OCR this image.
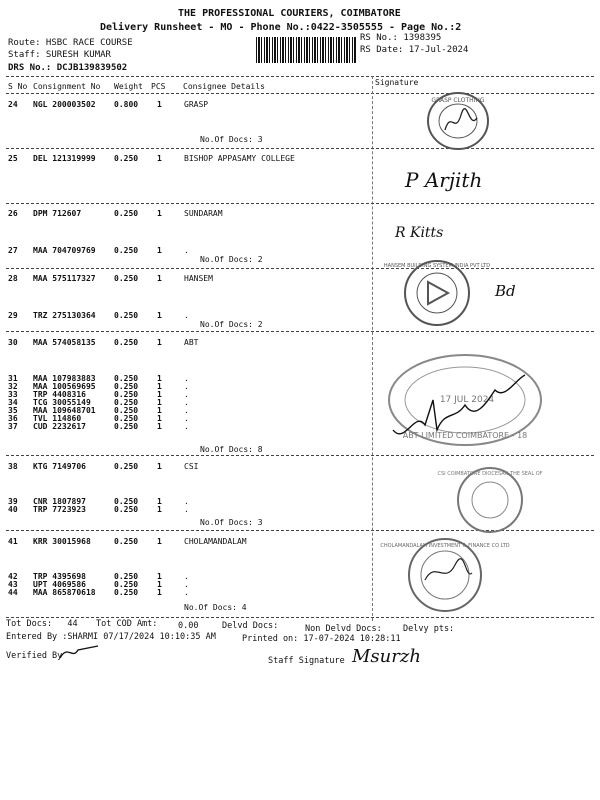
THE PROFESSIONAL COURIERS, COIMBATORE
Delivery Runsheet - MO - Phone No.:0422-3505555 - Page No.:2
Route: HSBC RACE COURSE
Staff: SURESH KUMAR
DRS No.: DCJB139839502
RS No.: 1398395
RS Date: 17-Jul-2024
S No Consignment No Weight PCS Consignee Details	Signature
24 NGL 200003502 0.800 1	GRASP
25 DEL 121319999 0.250 1	BISHOP APPASAMY COLLEGE
26 DPM 712607	0.250 1	SUNDARAM
27 MAA 704709769 0.250 1	.
28 MAA 575117327 0.250 1	HANSEM
29 TRZ 275130364 0.250 1	.
30 MAA 574058135 0.250 1	ABT
31 MAA 107983883 0.250 1	.
32 MAA 100569695 0.250 1	.
33 TRP 4408316	0.250 1	.
34 TCG 30055149	0.250 1	.
35 MAA 109648701 0.250 1	.
36 TVL 114860	0.250 1	.
37 CUD 2232617	0.250 1	.
38 KTG 7149706	0.250 1	CSI
39 CNR 1807897	0.250 1	.
40 TRP 7723923	0.250 1	.
41 KRR 30015968	0.250 1	CHOLAMANDALAM
42 TRP 4395698	0.250 1	.
43 UPT 4069586	0.250 1	.
44 MAA 865870618 0.250 1	.
No.Of Docs: 3
No.Of Docs: 2
No.Of Docs: 2
No.Of Docs: 8
No.Of Docs: 3
No.Of Docs: 4
GRASP CLOTHING
P Arjith
R Kitts
HANSEM BUILDING SYSTEM INDIA PVT LTD
Bd
ABT LIMITED COIMBATORE - 18
17 JUL 2024
CSI COIMBATORE DIOCESAN THE SEAL OF
CHOLAMANDALAM INVESTMENT & FINANCE CO LTD
Tot Docs:   44 Tot COD Amt: 0.00	Delvd Docs:	Non Delvd Docs: Delvy pts:
Entered By :SHARMI 07/17/2024 10:10:35 AM	Printed on: 17-07-2024 10:28:11
Verified By	Staff Signature Msurzh
